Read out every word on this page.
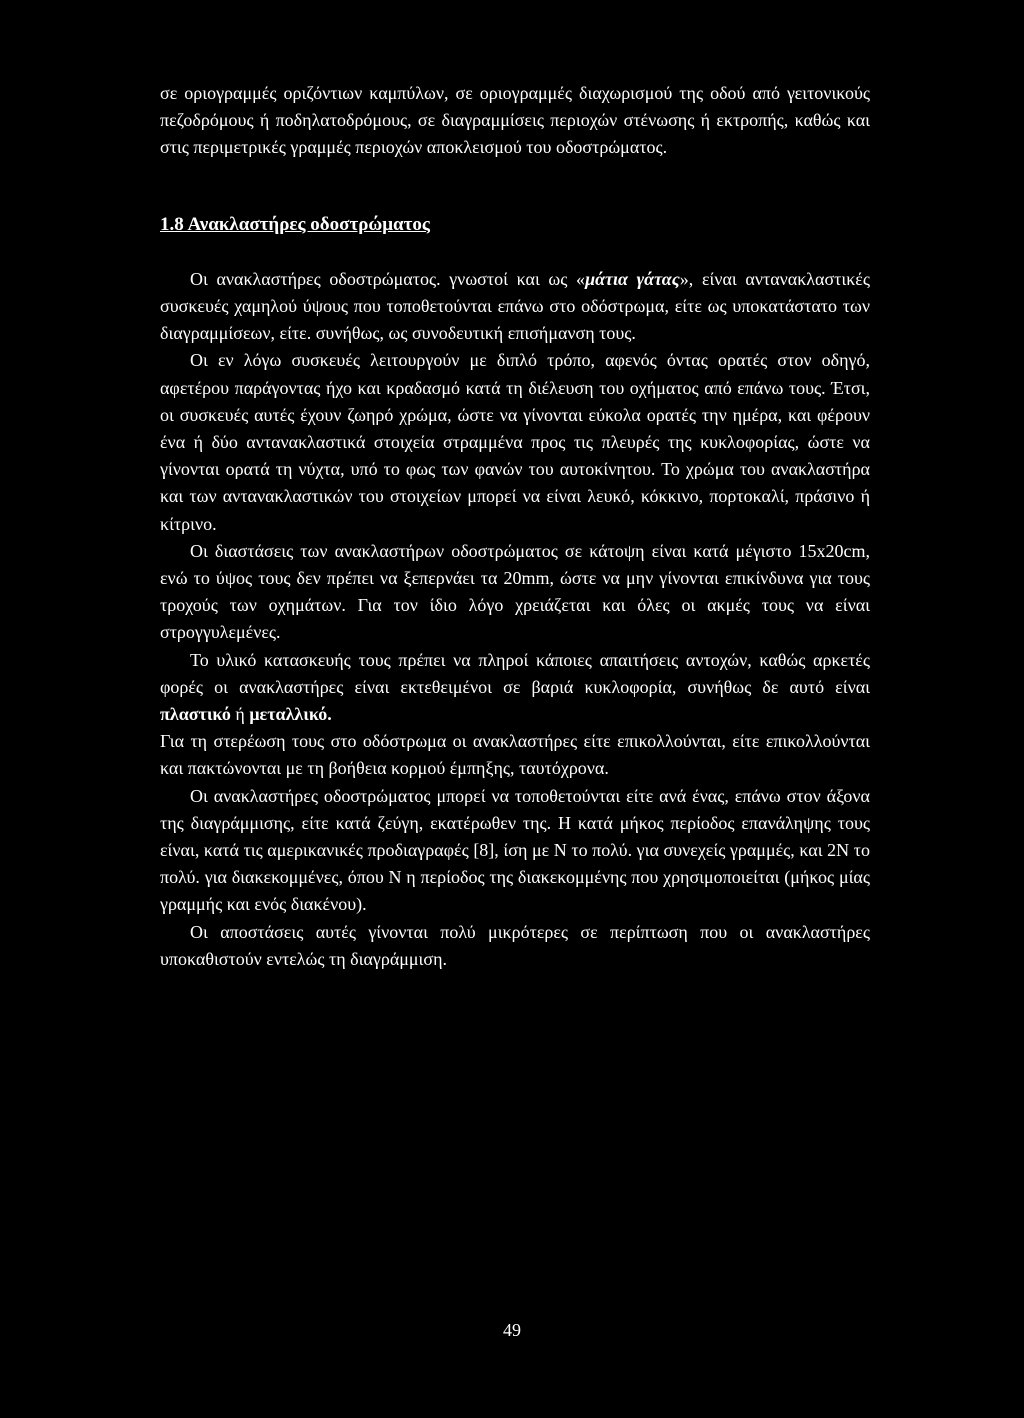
σε οριογραμμές οριζόντιων καμπύλων, σε οριογραμμές διαχωρισμού της οδού από γειτονικούς πεζοδρόμους ή ποδηλατοδρόμους, σε διαγραμμίσεις περιοχών στένωσης ή εκτροπής, καθώς και στις περιμετρικές γραμμές περιοχών αποκλεισμού του οδοστρώματος.

1.8 Ανακλαστήρες οδοστρώματος

Οι ανακλαστήρες οδοστρώματος. γνωστοί και ως «μάτια γάτας», είναι αντανακλαστικές συσκευές χαμηλού ύψους που τοποθετούνται επάνω στο οδόστρωμα, είτε ως υποκατάστατο των διαγραμμίσεων, είτε. συνήθως, ως συνοδευτική επισήμανση τους.

Οι εν λόγω συσκευές λειτουργούν με διπλό τρόπο, αφενός όντας ορατές στον οδηγό, αφετέρου παράγοντας ήχο και κραδασμό κατά τη διέλευση του οχήματος από επάνω τους. Έτσι, οι συσκευές αυτές έχουν ζωηρό χρώμα, ώστε να γίνονται εύκολα ορατές την ημέρα, και φέρουν ένα ή δύο αντανακλαστικά στοιχεία στραμμένα προς τις πλευρές της κυκλοφορίας, ώστε να γίνονται ορατά τη νύχτα, υπό το φως των φανών του αυτοκίνητου. Το χρώμα του ανακλαστήρα και των αντανακλαστικών του στοιχείων μπορεί να είναι λευκό, κόκκινο, πορτοκαλί, πράσινο ή κίτρινο.

Οι διαστάσεις των ανακλαστήρων οδοστρώματος σε κάτοψη είναι κατά μέγιστο 15x20cm, ενώ το ύψος τους δεν πρέπει να ξεπερνάει τα 20mm, ώστε να μην γίνονται επικίνδυνα για τους τροχούς των οχημάτων. Για τον ίδιο λόγο χρειάζεται και όλες οι ακμές τους να είναι στρογγυλεμένες.

Το υλικό κατασκευής τους πρέπει να πληροί κάποιες απαιτήσεις αντοχών, καθώς αρκετές φορές οι ανακλαστήρες είναι εκτεθειμένοι σε βαριά κυκλοφορία, συνήθως δε αυτό είναι πλαστικό ή μεταλλικό.

Για τη στερέωση τους στο οδόστρωμα οι ανακλαστήρες είτε επικολλούνται, είτε επικολλούνται και πακτώνονται με τη βοήθεια κορμού έμπηξης, ταυτόχρονα.

Οι ανακλαστήρες οδοστρώματος μπορεί να τοποθετούνται είτε ανά ένας, επάνω στον άξονα της διαγράμμισης, είτε κατά ζεύγη, εκατέρωθεν της. Η κατά μήκος περίοδος επανάληψης τους είναι, κατά τις αμερικανικές προδιαγραφές [8], ίση με Ν το πολύ. για συνεχείς γραμμές, και 2Ν το πολύ. για διακεκομμένες, όπου Ν η περίοδος της διακεκομμένης που χρησιμοποιείται (μήκος μίας γραμμής και ενός διακένου).

Οι αποστάσεις αυτές γίνονται πολύ μικρότερες σε περίπτωση που οι ανακλαστήρες υποκαθιστούν εντελώς τη διαγράμμιση.

49
